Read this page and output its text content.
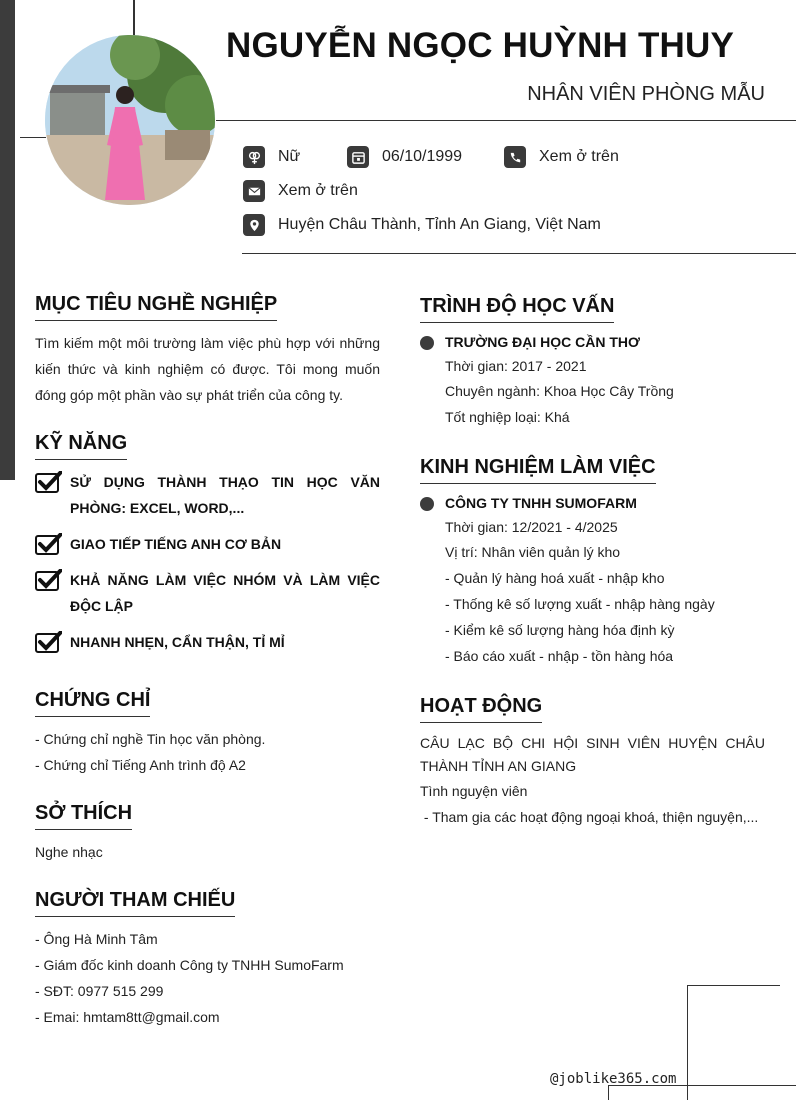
NGUYỄN NGỌC HUỲNH THUY
NHÂN VIÊN PHÒNG MẪU
Nữ	06/10/1999	Xem ở trên
Xem ở trên
Huyện Châu Thành, Tỉnh An Giang, Việt Nam
MỤC TIÊU NGHỀ NGHIỆP
Tìm kiếm một môi trường làm việc phù hợp với những kiến thức và kinh nghiệm có được. Tôi mong muốn đóng góp một phần vào sự phát triển của công ty.
KỸ NĂNG
SỬ DỤNG THÀNH THẠO TIN HỌC VĂN PHÒNG: EXCEL, WORD,...
GIAO TIẾP TIẾNG ANH CƠ BẢN
KHẢ NĂNG LÀM VIỆC NHÓM VÀ LÀM VIỆC ĐỘC LẬP
NHANH NHẸN, CẨN THẬN, TỈ MỈ
CHỨNG CHỈ
- Chứng chỉ nghề Tin học văn phòng.
- Chứng chỉ Tiếng Anh trình độ A2
SỞ THÍCH
Nghe nhạc
NGƯỜI THAM CHIẾU
- Ông Hà Minh Tâm
- Giám đốc kinh doanh Công ty TNHH SumoFarm
- SĐT: 0977 515 299
- Emai: hmtam8tt@gmail.com
TRÌNH ĐỘ HỌC VẤN
TRƯỜNG ĐẠI HỌC CẦN THƠ
Thời gian: 2017 - 2021
Chuyên ngành: Khoa Học Cây Trồng
Tốt nghiệp loại: Khá
KINH NGHIỆM LÀM VIỆC
CÔNG TY TNHH SUMOFARM
Thời gian: 12/2021 - 4/2025
Vị trí: Nhân viên quản lý kho
- Quản lý hàng hoá xuất - nhập kho
- Thống kê số lượng xuất - nhập hàng ngày
- Kiểm kê số lượng hàng hóa định kỳ
- Báo cáo xuất - nhập - tồn hàng hóa
HOẠT ĐỘNG
CÂU LẠC BỘ CHI HỘI SINH VIÊN HUYỆN CHÂU THÀNH TỈNH AN GIANG
Tình nguyện viên
- Tham gia các hoạt động ngoại khoá, thiện nguyện,...
@joblike365.com
